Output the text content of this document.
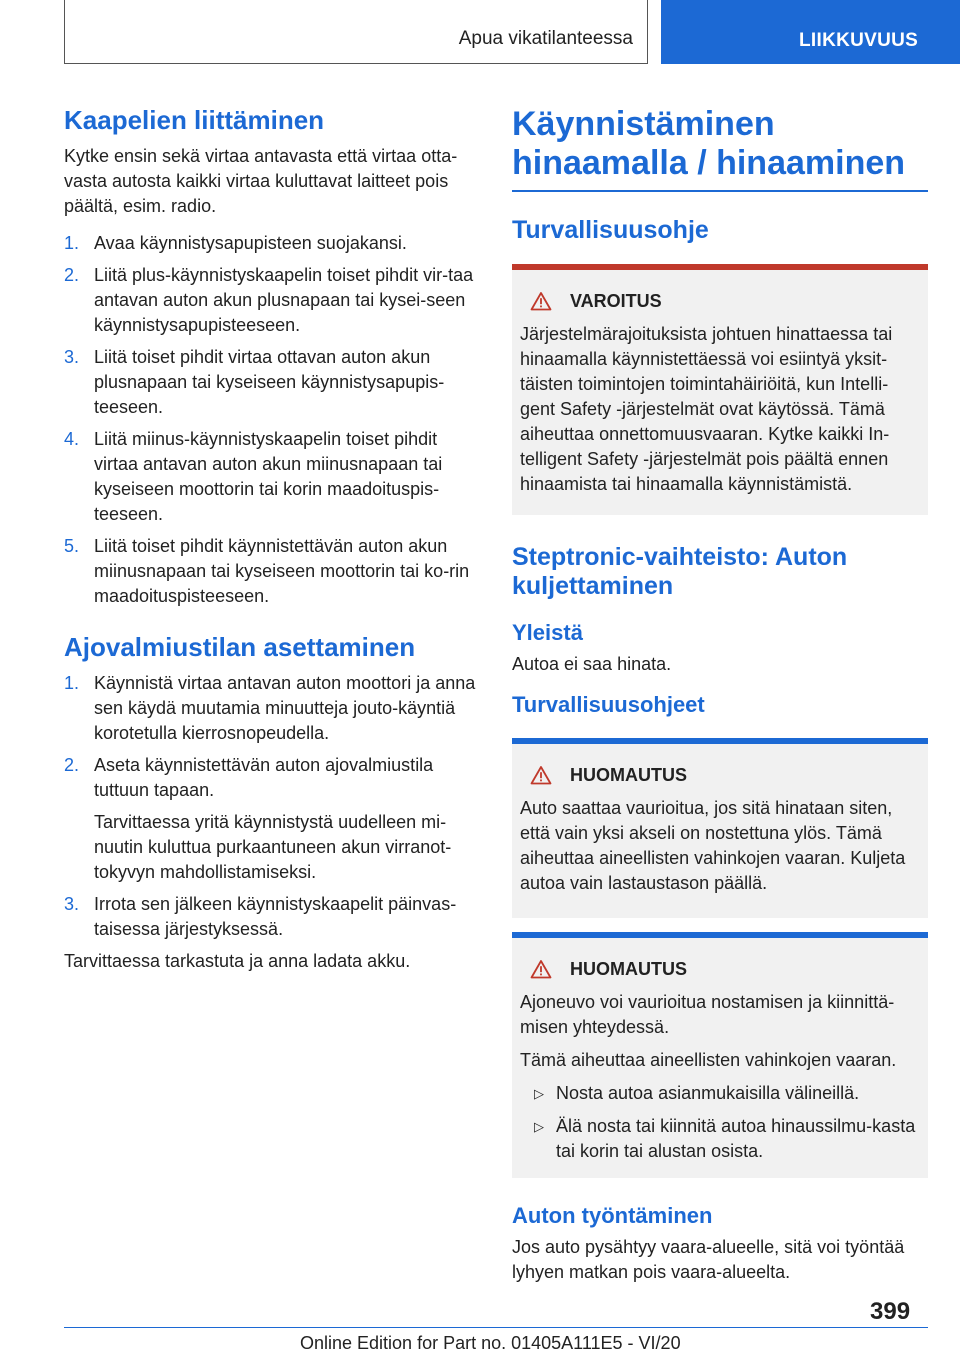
Apua vikatilanteessa	LIIKKUVUUS
Kaapelien liittäminen

Kytke ensin sekä virtaa antavasta että virtaa otta-vasta autosta kaikki virtaa kuluttavat laitteet pois päältä, esim. radio.

1. Avaa käynnistysapupisteen suojakansi.
2. Liitä plus-käynnistyskaapelin toiset pihdit vir-taa antavan auton akun plusnapaan tai kysei-seen käynnistysapupisteeseen.
3. Liitä toiset pihdit virtaa ottavan auton akun plusnapaan tai kyseiseen käynnistysapupis-teeseen.
4. Liitä miinus-käynnistyskaapelin toiset pihdit virtaa antavan auton akun miinusnapaan tai kyseiseen moottorin tai korin maadoituspis-teeseen.
5. Liitä toiset pihdit käynnistettävän auton akun miinusnapaan tai kyseiseen moottorin tai ko-rin maadoituspisteeseen.
Ajovalmiustilan asettaminen
1. Käynnistä virtaa antavan auton moottori ja anna sen käydä muutamia minuutteja jouto-käyntiä korotetulla kierrosnopeudella.
2. Aseta käynnistettävän auton ajovalmiustila tuttuun tapaan.
Tarvittaessa yritä käynnistystä uudelleen mi-nuutin kuluttua purkaantuneen akun virranot-tokyvyn mahdollistamiseksi.
3. Irrota sen jälkeen käynnistyskaapelit päinvas-taisessa järjestyksessä.

Tarvittaessa tarkastuta ja anna ladata akku.

Käynnistäminen hinaamalla / hinaaminen
Turvallisuusohje
VAROITUS

Järjestelmärajoituksista johtuen hinattaessa tai hinaamalla käynnistettäessä voi esiintyä yksit-täisten toimintojen toimintahäiriöitä, kun Intelli-gent Safety -järjestelmät ovat käytössä. Tämä aiheuttaa onnettomuusvaaran. Kytke kaikki In-telligent Safety -järjestelmät pois päältä ennen hinaamista tai hinaamalla käynnistämistä.

Steptronic-vaihteisto: Auton kuljettaminen
Yleistä

Autoa ei saa hinata.

Turvallisuusohjeet
HUOMAUTUS

Auto saattaa vaurioitua, jos sitä hinataan siten, että vain yksi akseli on nostettuna ylös. Tämä aiheuttaa aineellisten vahinkojen vaaran. Kuljeta autoa vain lastaustason päällä.

HUOMAUTUS

Ajoneuvo voi vaurioitua nostamisen ja kiinnittä-misen yhteydessä.

Tämä aiheuttaa aineellisten vahinkojen vaaran.

▷ Nosta autoa asianmukaisilla välineillä.
▷ Älä nosta tai kiinnitä autoa hinaussilmu-kasta tai korin tai alustan osista.
Auton työntäminen

Jos auto pysähtyy vaara-alueelle, sitä voi työntää lyhyen matkan pois vaara-alueelta.

399
Online Edition for Part no. 01405A111E5 - VI/20
